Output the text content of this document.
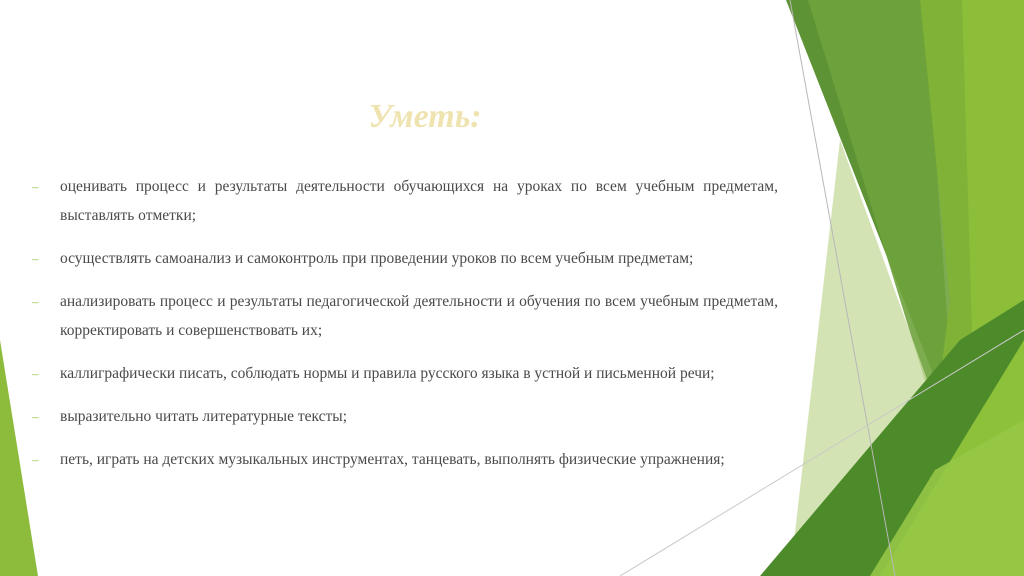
Уметь:
– оценивать процесс и результаты деятельности обучающихся на уроках по всем учебным предметам, выставлять отметки;
– осуществлять самоанализ и самоконтроль при проведении уроков по всем учебным предметам;
– анализировать процесс и результаты педагогической деятельности и обучения по всем учебным предметам, корректировать и совершенствовать их;
– каллиграфически писать, соблюдать нормы и правила русского языка в устной и письменной речи;
– выразительно читать литературные тексты;
– петь, играть на детских музыкальных инструментах, танцевать, выполнять физические упражнения;
